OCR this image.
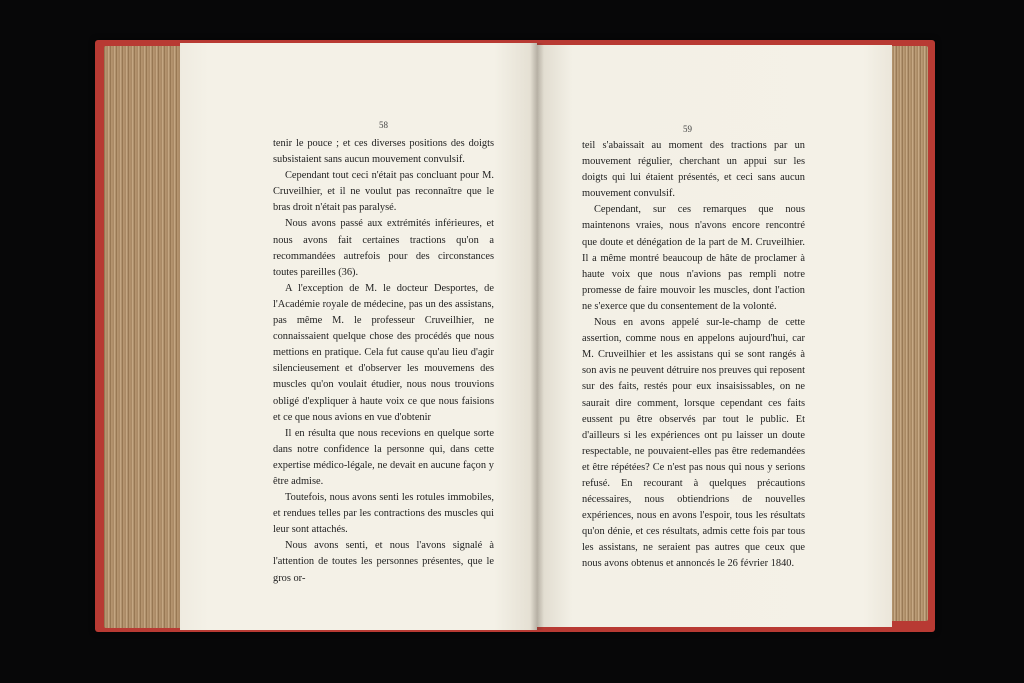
58

tenir le pouce ; et ces diverses positions des doigts subsistaient sans aucun mouvement convulsif.

Cependant tout ceci n'était pas concluant pour M. Cruveilhier, et il ne voulut pas reconnaître que le bras droit n'était pas paralysé.

Nous avons passé aux extrémités inférieures, et nous avons fait certaines tractions qu'on a recommandées autrefois pour des circonstances toutes pareilles (36).

A l'exception de M. le docteur Desportes, de l'Académie royale de médecine, pas un des assistans, pas même M. le professeur Cruveilhier, ne connaissaient quelque chose des procédés que nous mettions en pratique. Cela fut cause qu'au lieu d'agir silencieusement et d'observer les mouvemens des muscles qu'on voulait étudier, nous nous trouvions obligé d'expliquer à haute voix ce que nous faisions et ce que nous avions en vue d'obtenir

Il en résulta que nous recevions en quelque sorte dans notre confidence la personne qui, dans cette expertise médico-légale, ne devait en aucune façon y être admise.

Toutefois, nous avons senti les rotules immobiles, et rendues telles par les contractions des muscles qui leur sont attachés.

Nous avons senti, et nous l'avons signalé à l'attention de toutes les personnes présentes, que le gros or-

59

teil s'abaissait au moment des tractions par un mouvement régulier, cherchant un appui sur les doigts qui lui étaient présentés, et ceci sans aucun mouvement convulsif.

Cependant, sur ces remarques que nous maintenons vraies, nous n'avons encore rencontré que doute et dénégation de la part de M. Cruveilhier. Il a même montré beaucoup de hâte de proclamer à haute voix que nous n'avions pas rempli notre promesse de faire mouvoir les muscles, dont l'action ne s'exerce que du consentement de la volonté.

Nous en avons appelé sur-le-champ de cette assertion, comme nous en appelons aujourd'hui, car M. Cruveilhier et les assistans qui se sont rangés à son avis ne peuvent détruire nos preuves qui reposent sur des faits, restés pour eux insaisissables, on ne saurait dire comment, lorsque cependant ces faits eussent pu être observés par tout le public. Et d'ailleurs si les expériences ont pu laisser un doute respectable, ne pouvaient-elles pas être redemandées et être répétées? Ce n'est pas nous qui nous y serions refusé. En recourant à quelques précautions nécessaires, nous obtiendrions de nouvelles expériences, nous en avons l'espoir, tous les résultats qu'on dénie, et ces résultats, admis cette fois par tous les assistans, ne seraient pas autres que ceux que nous avons obtenus et annoncés le 26 février 1840.
